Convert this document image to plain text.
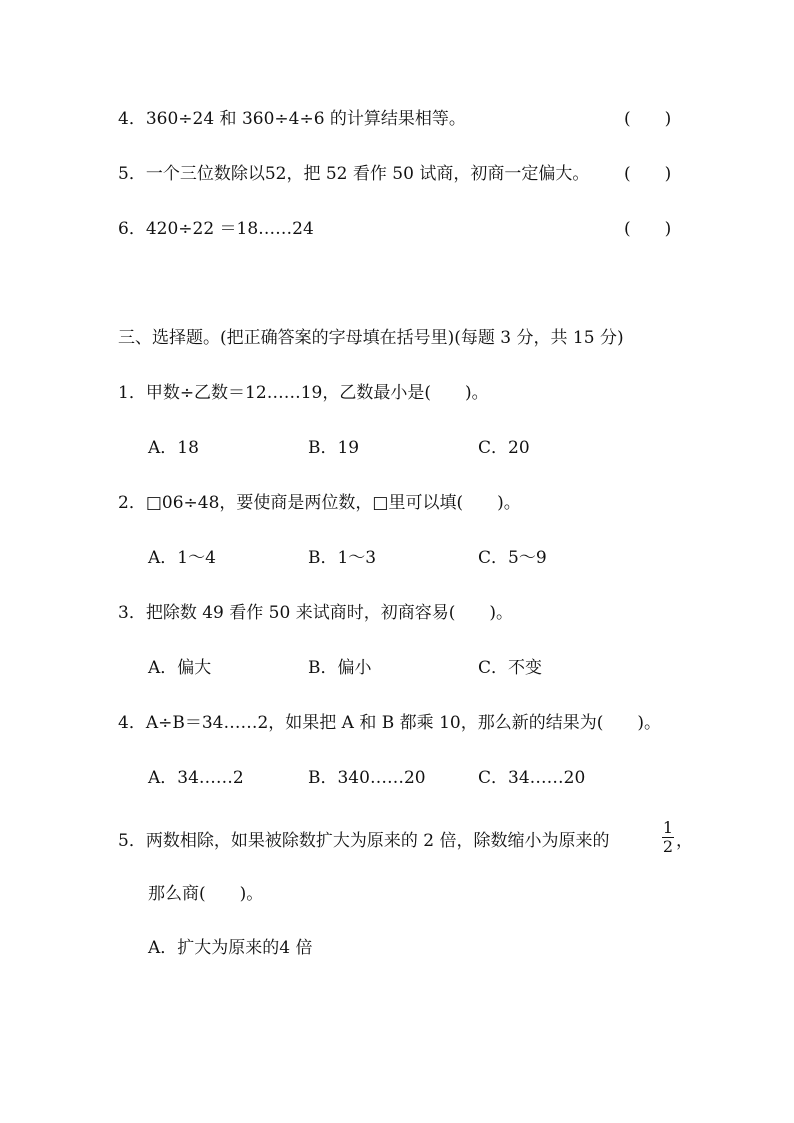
4．360÷24 和 360÷4÷6 的计算结果相等。	(　　)
5．一个三位数除以52，把 52 看作 50 试商，初商一定偏大。 (　　)
6．420÷22 ＝18……24	(　　)
三、选择题。(把正确答案的字母填在括号里)(每题 3 分，共 15 分)
1．甲数÷乙数＝12……19，乙数最小是(　　)。
A．18	B．19	C．20
2．□06÷48，要使商是两位数，□里可以填(　　)。
A．1～4	B．1～3	C．5～9
3．把除数 49 看作 50 来试商时，初商容易(　　)。
A．偏大	B．偏小	C．不变
4．A÷B＝34……2，如果把 A 和 B 都乘 10，那么新的结果为(　　)。
A．34……2	B．340……20	C．34……20
5．两数相除，如果被除数扩大为原来的 2 倍，除数缩小为原来的
1
2 ，
那么商(　　)。
A．扩大为原来的4 倍
